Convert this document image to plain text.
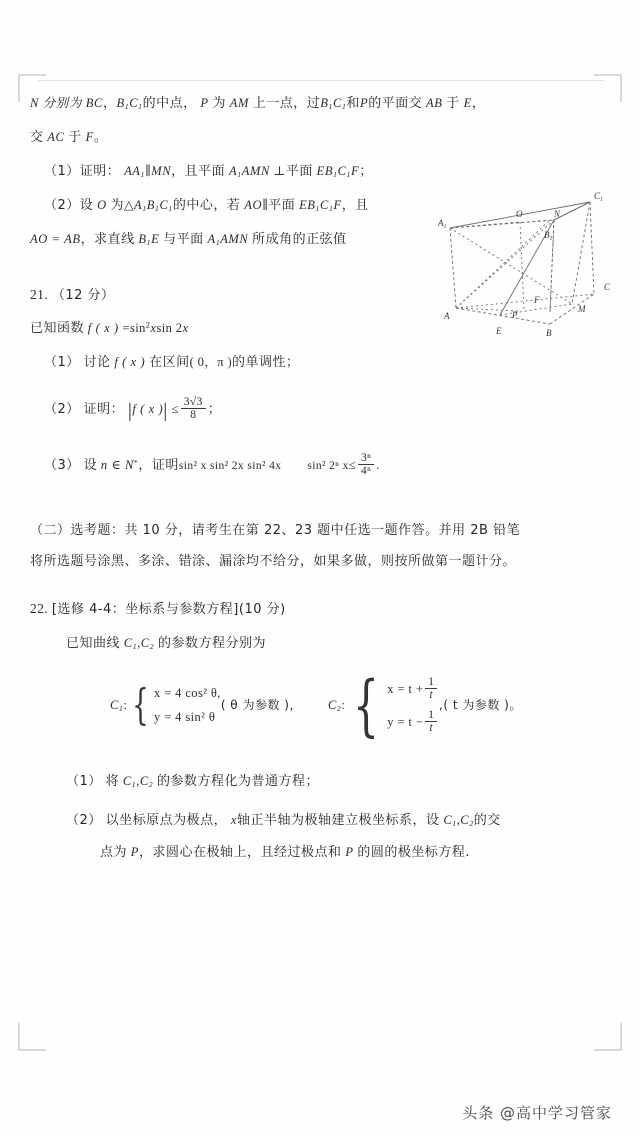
$A_1$
$B_1$
$C_1$
O	N
A
B
C
E
F
P
M
N 分别为 BC，$B_1C_1$的中点， P 为 AM 上一点，过$B_1C_1$和P的平面交 AB 于 E，
交 AC 于 F。
（1）证明： $AA_1\parallel MN$，且平面 $A_1AMN$ ⊥平面 $EB_1C_1F$；
（2）设 O 为$\triangle A_1B_1C_1$的中心，若 AO∥平面 $EB_1C_1F$，且
AO = AB，求直线 $B_1E$ 与平面 $A_1AMN$ 所成角的正弦值
21. （12 分）
已知函数 f ( x ) $=\sin^2xsin$ 2x
（1） 讨论 f ( x ) 在区间( 0，π )的单调性；
（2） 证明： |f ( x )| ≤ $\frac{3√3}{8}$ ；
（3） 设 n ∈ N*，证明sin² x sin² 2x sin² 4x sin² 2ⁿ $x\le \frac{\text{3ⁿ}}{\text{4ⁿ}}$ .
（二）选考题：共 10 分，请考生在第 22、23 题中任选一题作答。并用 2B 铅笔
将所选题号涂黑、多涂、错涂、漏涂均不给分，如果多做，则按所做第一题计分。
22. [选修 4-4：坐标系与参数方程](10 分)
已知曲线 $C_1,C_2$ 的参数方程分别为
$C_1$: { x = 4 cos² θ,
y = 4 sin² θ
( θ 为参数 )， $C_2$: { $x = t + \frac{1}{t}$
$y = t - \frac{1}{t}$
,( t 为参数 )。
（1） 将 $C_1,C_2$ 的参数方程化为普通方程；
（2） 以坐标原点为极点， x轴正半轴为极轴建立极坐标系，设 $C_1,C_2$的交
点为 P，求圆心在极轴上，且经过极点和 P 的圆的极坐标方程.
头条 @高中学习管家
